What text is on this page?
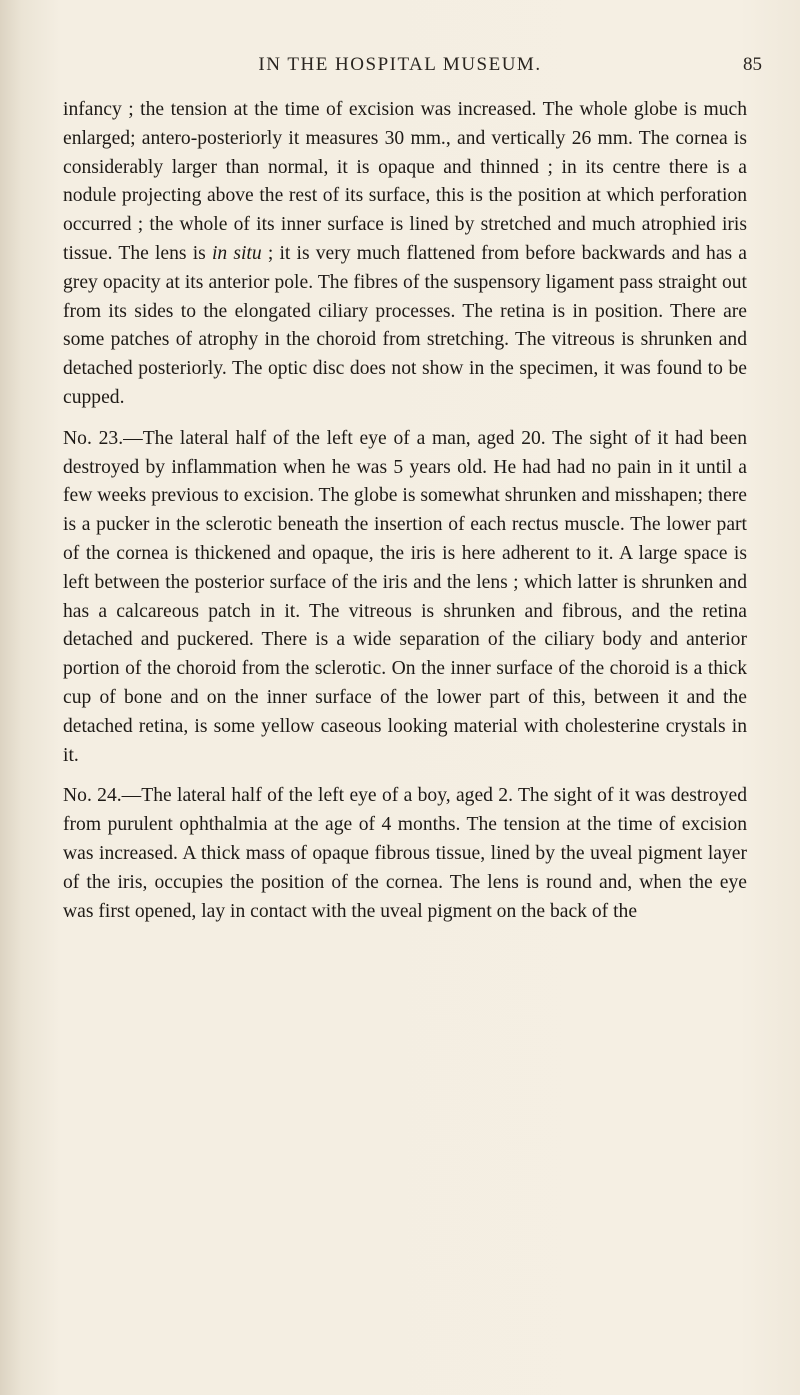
IN THE HOSPITAL MUSEUM.	85

infancy ; the tension at the time of excision was increased. The whole globe is much enlarged; antero-posteriorly it measures 30 mm., and vertically 26 mm. The cornea is considerably larger than normal, it is opaque and thinned ; in its centre there is a nodule projecting above the rest of its surface, this is the position at which perforation occurred ; the whole of its inner surface is lined by stretched and much atrophied iris tissue. The lens is in situ ; it is very much flattened from before backwards and has a grey opacity at its anterior pole. The fibres of the suspensory ligament pass straight out from its sides to the elongated ciliary processes. The retina is in position. There are some patches of atrophy in the choroid from stretching. The vitreous is shrunken and detached posteriorly. The optic disc does not show in the specimen, it was found to be cupped.

No. 23.—The lateral half of the left eye of a man, aged 20. The sight of it had been destroyed by inflammation when he was 5 years old. He had had no pain in it until a few weeks previous to excision. The globe is somewhat shrunken and misshapen; there is a pucker in the sclerotic beneath the insertion of each rectus muscle. The lower part of the cornea is thickened and opaque, the iris is here adherent to it. A large space is left between the posterior surface of the iris and the lens ; which latter is shrunken and has a calcareous patch in it. The vitreous is shrunken and fibrous, and the retina detached and puckered. There is a wide separation of the ciliary body and anterior portion of the choroid from the sclerotic. On the inner surface of the choroid is a thick cup of bone and on the inner surface of the lower part of this, between it and the detached retina, is some yellow caseous looking material with cholesterine crystals in it.

No. 24.—The lateral half of the left eye of a boy, aged 2. The sight of it was destroyed from purulent ophthalmia at the age of 4 months. The tension at the time of excision was increased. A thick mass of opaque fibrous tissue, lined by the uveal pigment layer of the iris, occupies the position of the cornea. The lens is round and, when the eye was first opened, lay in contact with the uveal pigment on the back of the
